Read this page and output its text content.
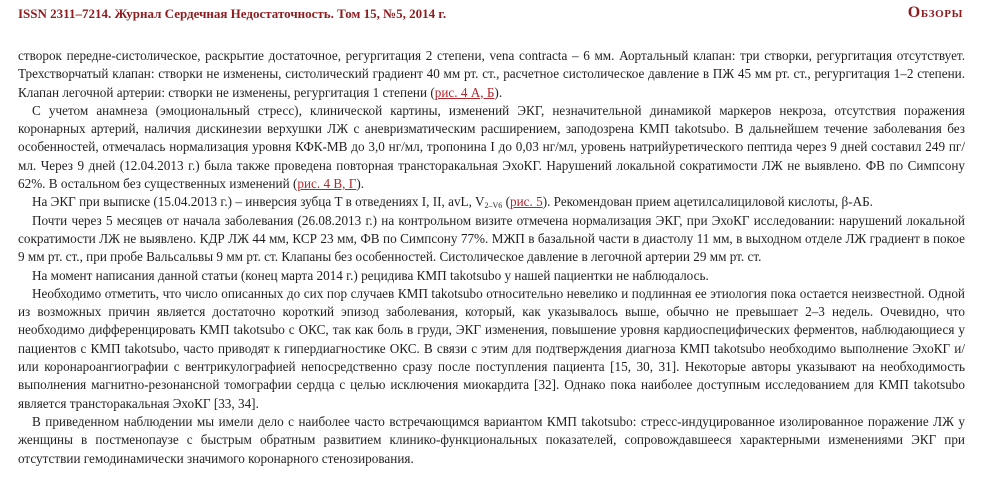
ISSN 2311–7214. Журнал Сердечная Недостаточность. Том 15, №5, 2014 г.	Обзоры

створок передне-систолическое, раскрытие достаточное, регургитация 2 степени, vena contracta – 6 мм. Аортальный клапан: три створки, регургитация отсутствует. Трехстворчатый клапан: створки не изменены, систолический градиент 40 мм рт. ст., расчетное систолическое давление в ПЖ 45 мм рт. ст., регургитация 1–2 степени. Клапан легочной артерии: створки не изменены, регургитация 1 степени (рис. 4 А, Б).

С учетом анамнеза (эмоциональный стресс), клинической картины, изменений ЭКГ, незначительной динамикой маркеров некроза, отсутствия поражения коронарных артерий, наличия дискинезии верхушки ЛЖ с аневризматическим расширением, заподозрена КМП takotsubo. В дальнейшем течение заболевания без особенностей, отмечалась нормализация уровня КФК-МВ до 3,0 нг/мл, тропонина I до 0,03 нг/мл, уровень натрийуретического пептида через 9 дней составил 249 пг/мл. Через 9 дней (12.04.2013 г.) была также проведена повторная трансторакальная ЭхоКГ. Нарушений локальной сократимости ЛЖ не выявлено. ФВ по Симпсону 62%. В остальном без существенных изменений (рис. 4 В, Г).

На ЭКГ при выписке (15.04.2013 г.) – инверсия зубца T в отведениях I, II, avL, $V_{2-V6}$ (рис. 5). Рекомендован прием ацетилсалициловой кислоты, β-АБ.

Почти через 5 месяцев от начала заболевания (26.08.2013 г.) на контрольном визите отмечена нормализация ЭКГ, при ЭхоКГ исследовании: нарушений локальной сократимости ЛЖ не выявлено. КДР ЛЖ 44 мм, КСР 23 мм, ФВ по Симпсону 77%. МЖП в базальной части в диастолу 11 мм, в выходном отделе ЛЖ градиент в покое 9 мм рт. ст., при пробе Вальсальвы 9 мм рт. ст. Клапаны без особенностей. Систолическое давление в легочной артерии 29 мм рт. ст.

На момент написания данной статьи (конец марта 2014 г.) рецидива КМП takotsubo у нашей пациентки не наблюдалось.

Необходимо отметить, что число описанных до сих пор случаев КМП takotsubo относительно невелико и подлинная ее этиология пока остается неизвестной. Одной из возможных причин является достаточно короткий эпизод заболевания, который, как указывалось выше, обычно не превышает 2–3 недель. Очевидно, что необходимо дифференцировать КМП takotsubo с ОКС, так как боль в груди, ЭКГ изменения, повышение уровня кардиоспецифических ферментов, наблюдающиеся у пациентов с КМП takotsubo, часто приводят к гипердиагностике ОКС. В связи с этим для подтверждения диагноза КМП takotsubo необходимо выполнение ЭхоКГ и/или коронароангиографии с вентрикулографией непосредственно сразу после поступления пациента [15, 30, 31]. Некоторые авторы указывают на необходимость выполнения магнитно-резонансной томографии сердца с целью исключения миокардита [32]. Однако пока наиболее доступным исследованием для КМП takotsubo является трансторакальная ЭхоКГ [33, 34].

В приведенном наблюдении мы имели дело с наиболее часто встречающимся вариантом КМП takotsubo: стресс-индуцированное изолированное поражение ЛЖ у женщины в постменопаузе с быстрым обратным развитием клинико-функциональных показателей, сопровождавшееся характерными изменениями ЭКГ при отсутствии гемодинамически значимого коронарного стенозирования.
